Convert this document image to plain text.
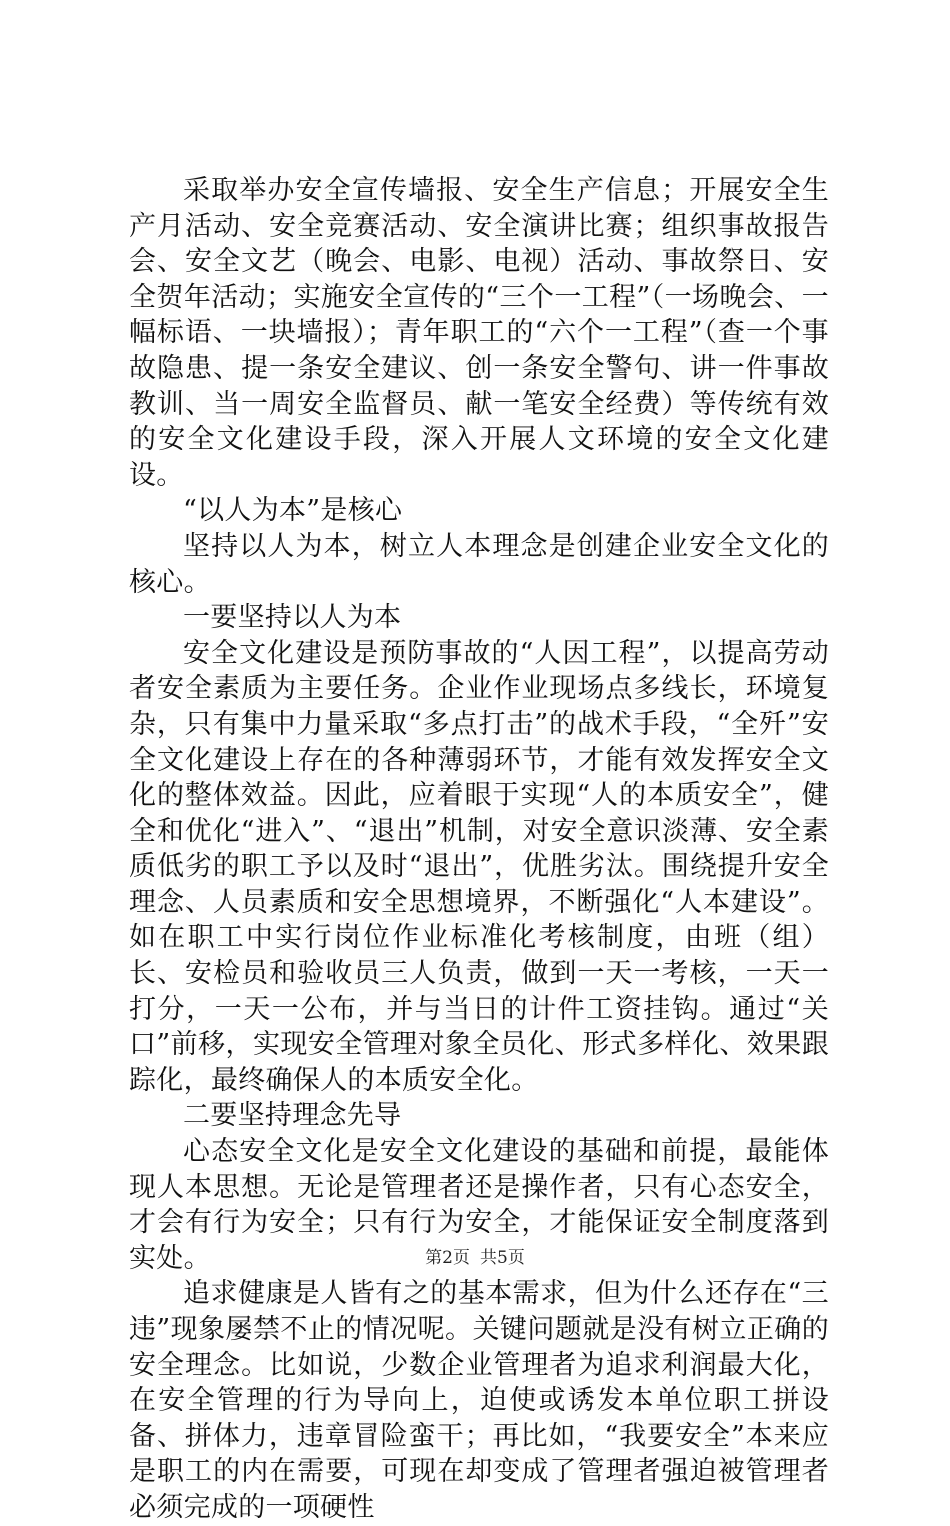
采取举办安全宣传墙报、安全生产信息；开展安全生产月活动、安全竞赛活动、安全演讲比赛；组织事故报告会、安全文艺（晚会、电影、电视）活动、事故祭日、安全贺年活动；实施安全宣传的“三个一工程”（一场晚会、一幅标语、一块墙报）；青年职工的“六个一工程”（查一个事故隐患、提一条安全建议、创一条安全警句、讲一件事故教训、当一周安全监督员、献一笔安全经费）等传统有效的安全文化建设手段，深入开展人文环境的安全文化建设。

“以人为本”是核心

坚持以人为本，树立人本理念是创建企业安全文化的核心。

一要坚持以人为本

安全文化建设是预防事故的“人因工程”，以提高劳动者安全素质为主要任务。企业作业现场点多线长，环境复杂，只有集中力量采取“多点打击”的战术手段，“全歼”安全文化建设上存在的各种薄弱环节，才能有效发挥安全文化的整体效益。因此，应着眼于实现“人的本质安全”，健全和优化“进入”、“退出”机制，对安全意识淡薄、安全素质低劣的职工予以及时“退出”，优胜劣汰。围绕提升安全理念、人员素质和安全思想境界，不断强化“人本建设”。如在职工中实行岗位作业标准化考核制度，由班（组）长、安检员和验收员三人负责，做到一天一考核，一天一打分，一天一公布，并与当日的计件工资挂钩。通过“关口”前移，实现安全管理对象全员化、形式多样化、效果跟踪化，最终确保人的本质安全化。

二要坚持理念先导

心态安全文化是安全文化建设的基础和前提，最能体现人本思想。无论是管理者还是操作者，只有心态安全，才会有行为安全；只有行为安全，才能保证安全制度落到实处。

追求健康是人皆有之的基本需求，但为什么还存在“三违”现象屡禁不止的情况呢。关键问题就是没有树立正确的安全理念。比如说，少数企业管理者为追求利润最大化，在安全管理的行为导向上，迫使或诱发本单位职工拼设备、拼体力，违章冒险蛮干；再比如，“我要安全”本来应是职工的内在需要，可现在却变成了管理者强迫被管理者必须完成的一项硬性

第2页 共5页
